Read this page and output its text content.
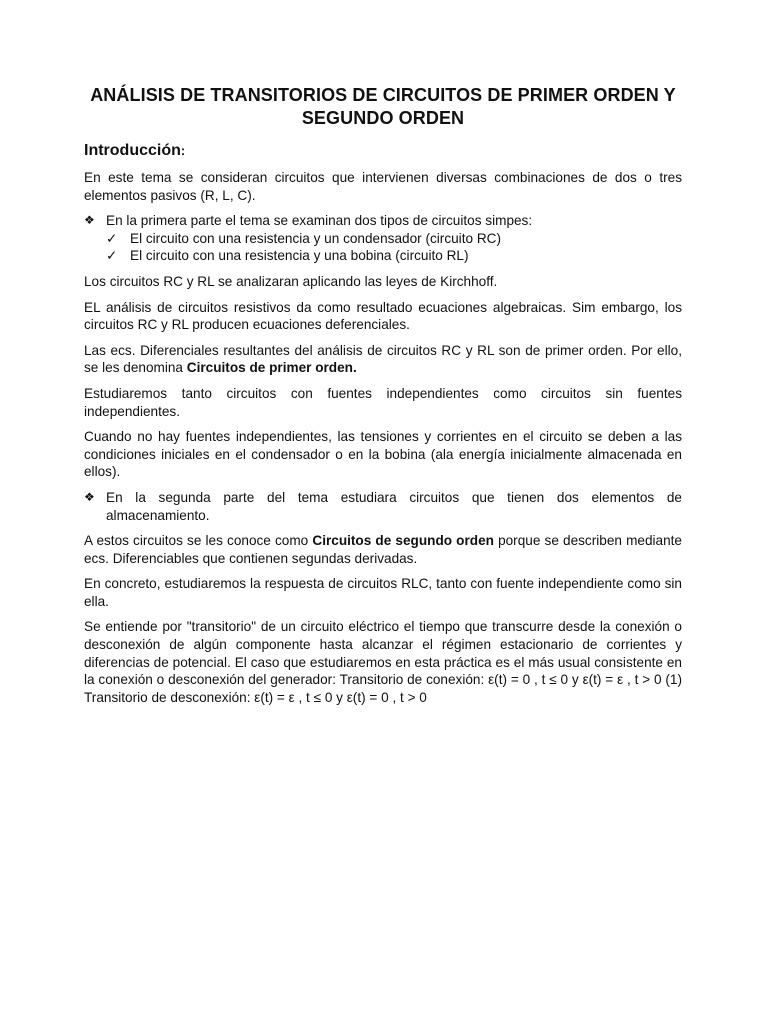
ANÁLISIS DE TRANSITORIOS DE CIRCUITOS DE PRIMER ORDEN Y SEGUNDO ORDEN
Introducción:

En este tema se consideran circuitos que intervienen diversas combinaciones de dos o tres elementos pasivos (R, L, C).

❖ En la primera parte el tema se examinan dos tipos de circuitos simpes:
✓ El circuito con una resistencia y un condensador (circuito RC)
✓ El circuito con una resistencia y una bobina (circuito RL)

Los circuitos RC y RL se analizaran aplicando las leyes de Kirchhoff.

EL análisis de circuitos resistivos da como resultado ecuaciones algebraicas. Sim embargo, los circuitos RC y RL producen ecuaciones deferenciales.

Las ecs. Diferenciales resultantes del análisis de circuitos RC y RL son de primer orden. Por ello, se les denomina Circuitos de primer orden.

Estudiaremos tanto circuitos con fuentes independientes como circuitos sin fuentes independientes.

Cuando no hay fuentes independientes, las tensiones y corrientes en el circuito se deben a las condiciones iniciales en el condensador o en la bobina (ala energía inicialmente almacenada en ellos).

❖ En la segunda parte del tema estudiara circuitos que tienen dos elementos de almacenamiento.

A estos circuitos se les conoce como Circuitos de segundo orden porque se describen mediante ecs. Diferenciables que contienen segundas derivadas.

En concreto, estudiaremos la respuesta de circuitos RLC, tanto con fuente independiente como sin ella.

Se entiende por "transitorio" de un circuito eléctrico el tiempo que transcurre desde la conexión o desconexión de algún componente hasta alcanzar el régimen estacionario de corrientes y diferencias de potencial. El caso que estudiaremos en esta práctica es el más usual consistente en la conexión o desconexión del generador: Transitorio de conexión: ε(t) = 0 , t ≤ 0 y ε(t) = ε , t > 0 (1) Transitorio de desconexión: ε(t) = ε , t ≤ 0 y ε(t) = 0 , t > 0
